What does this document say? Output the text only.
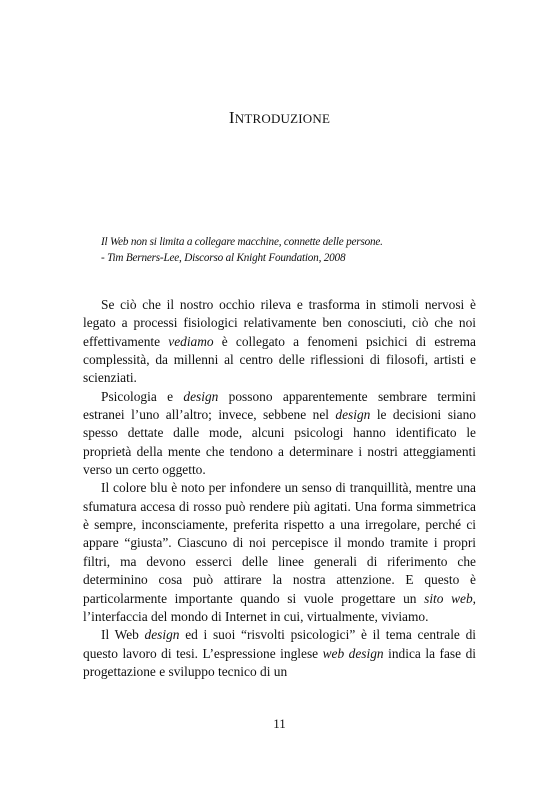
INTRODUZIONE
Il Web non si limita a collegare macchine, connette delle persone.
- Tim Berners-Lee, Discorso al Knight Foundation, 2008

Se ciò che il nostro occhio rileva e trasforma in stimoli nervosi è legato a processi fisiologici relativamente ben conosciuti, ciò che noi effettivamente vediamo è collegato a fenomeni psichici di estrema complessità, da millenni al centro delle riflessioni di filosofi, artisti e scienziati.

Psicologia e design possono apparentemente sembrare termini estranei l’uno all’altro; invece, sebbene nel design le decisioni siano spesso dettate dalle mode, alcuni psicologi hanno identificato le proprietà della mente che tendono a determinare i nostri atteggiamenti verso un certo oggetto.

Il colore blu è noto per infondere un senso di tranquillità, mentre una sfumatura accesa di rosso può rendere più agitati. Una forma simmetrica è sempre, inconsciamente, preferita rispetto a una irregolare, perché ci appare “giusta”. Ciascuno di noi percepisce il mondo tramite i propri filtri, ma devono esserci delle linee generali di riferimento che determinino cosa può attirare la nostra attenzione. E questo è particolarmente importante quando si vuole progettare un sito web, l’interfaccia del mondo di Internet in cui, virtualmente, viviamo.

Il Web design ed i suoi “risvolti psicologici” è il tema centrale di questo lavoro di tesi. L’espressione inglese web design indica la fase di progettazione e sviluppo tecnico di un

11
